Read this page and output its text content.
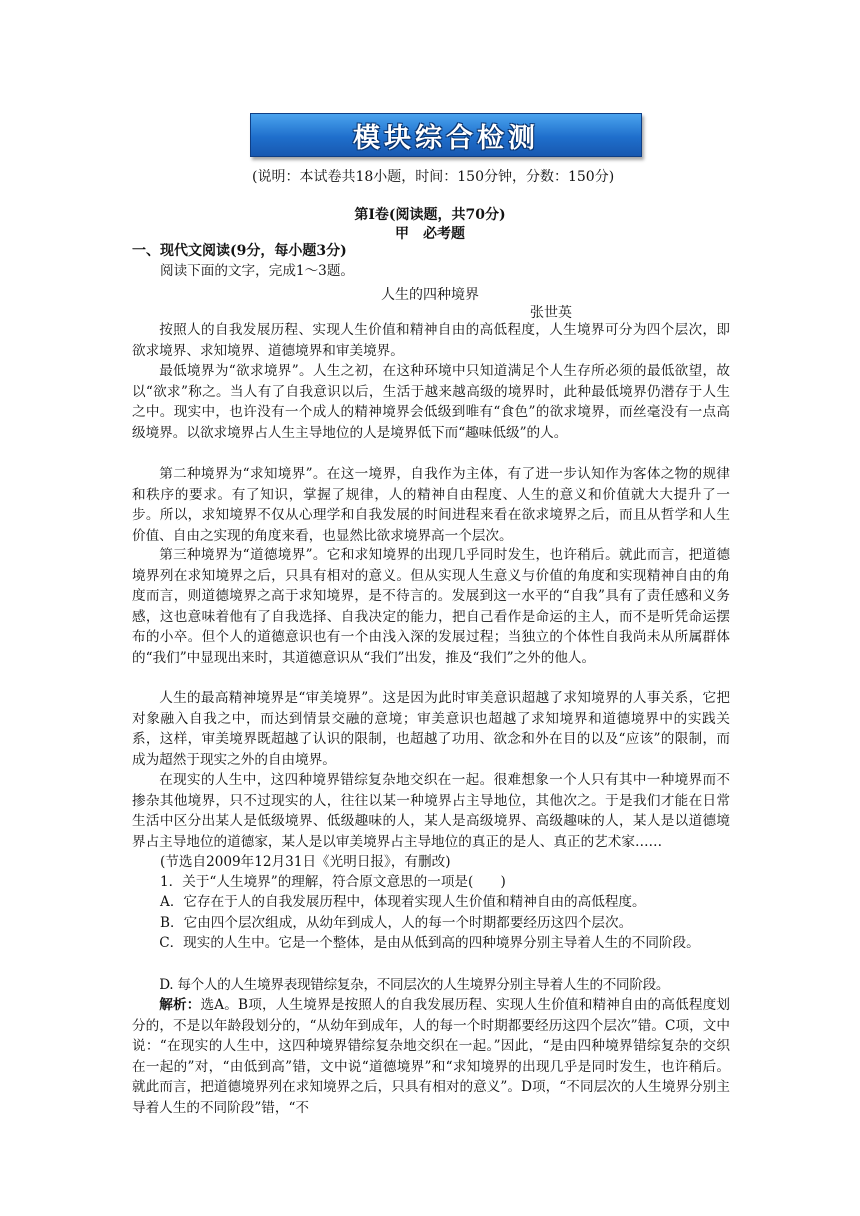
模块综合检测
(说明：本试卷共18小题，时间：150分钟，分数：150分)
第Ⅰ卷(阅读题，共70分)
甲　必考题
一、现代文阅读(9分，每小题3分)
阅读下面的文字，完成1～3题。
人生的四种境界
张世英

按照人的自我发展历程、实现人生价值和精神自由的高低程度，人生境界可分为四个层次，即欲求境界、求知境界、道德境界和审美境界。

最低境界为“欲求境界”。人生之初，在这种环境中只知道满足个人生存所必须的最低欲望，故以“欲求”称之。当人有了自我意识以后，生活于越来越高级的境界时，此种最低境界仍潜存于人生之中。现实中，也许没有一个成人的精神境界会低级到唯有“食色”的欲求境界，而丝毫没有一点高级境界。以欲求境界占人生主导地位的人是境界低下而“趣味低级”的人。

第二种境界为“求知境界”。在这一境界，自我作为主体，有了进一步认知作为客体之物的规律和秩序的要求。有了知识，掌握了规律，人的精神自由程度、人生的意义和价值就大大提升了一步。所以，求知境界不仅从心理学和自我发展的时间进程来看在欲求境界之后，而且从哲学和人生价值、自由之实现的角度来看，也显然比欲求境界高一个层次。

第三种境界为“道德境界”。它和求知境界的出现几乎同时发生，也许稍后。就此而言，把道德境界列在求知境界之后，只具有相对的意义。但从实现人生意义与价值的角度和实现精神自由的角度而言，则道德境界之高于求知境界，是不待言的。发展到这一水平的“自我”具有了责任感和义务感，这也意味着他有了自我选择、自我决定的能力，把自己看作是命运的主人，而不是听凭命运摆布的小卒。但个人的道德意识也有一个由浅入深的发展过程；当独立的个体性自我尚未从所属群体的“我们”中显现出来时，其道德意识从“我们”出发，推及“我们”之外的他人。

人生的最高精神境界是“审美境界”。这是因为此时审美意识超越了求知境界的人事关系，它把对象融入自我之中，而达到情景交融的意境；审美意识也超越了求知境界和道德境界中的实践关系，这样，审美境界既超越了认识的限制，也超越了功用、欲念和外在目的以及“应该”的限制，而成为超然于现实之外的自由境界。

在现实的人生中，这四种境界错综复杂地交织在一起。很难想象一个人只有其中一种境界而不掺杂其他境界，只不过现实的人，往往以某一种境界占主导地位，其他次之。于是我们才能在日常生活中区分出某人是低级境界、低级趣味的人，某人是高级境界、高级趣味的人，某人是以道德境界占主导地位的道德家，某人是以审美境界占主导地位的真正的是人、真正的艺术家……

(节选自2009年12月31日《光明日报》，有删改)
1．关于“人生境界”的理解，符合原文意思的一项是(　　)
A．它存在于人的自我发展历程中，体现着实现人生价值和精神自由的高低程度。
B．它由四个层次组成，从幼年到成人，人的每一个时期都要经历这四个层次。

C．现实的人生中。它是一个整体，是由从低到高的四种境界分别主导着人生的不同阶段。

D. 每个人的人生境界表现错综复杂，不同层次的人生境界分别主导着人生的不同阶段。

解析：选A。B项，人生境界是按照人的自我发展历程、实现人生价值和精神自由的高低程度划分的，不是以年龄段划分的，“从幼年到成年，人的每一个时期都要经历这四个层次”错。C项，文中说：“在现实的人生中，这四种境界错综复杂地交织在一起。”因此，“是由四种境界错综复杂的交织在一起的”对，“由低到高”错，文中说“道德境界”和“求知境界的出现几乎是同时发生，也许稍后。就此而言，把道德境界列在求知境界之后，只具有相对的意义”。D项，“不同层次的人生境界分别主导着人生的不同阶段”错，“不
